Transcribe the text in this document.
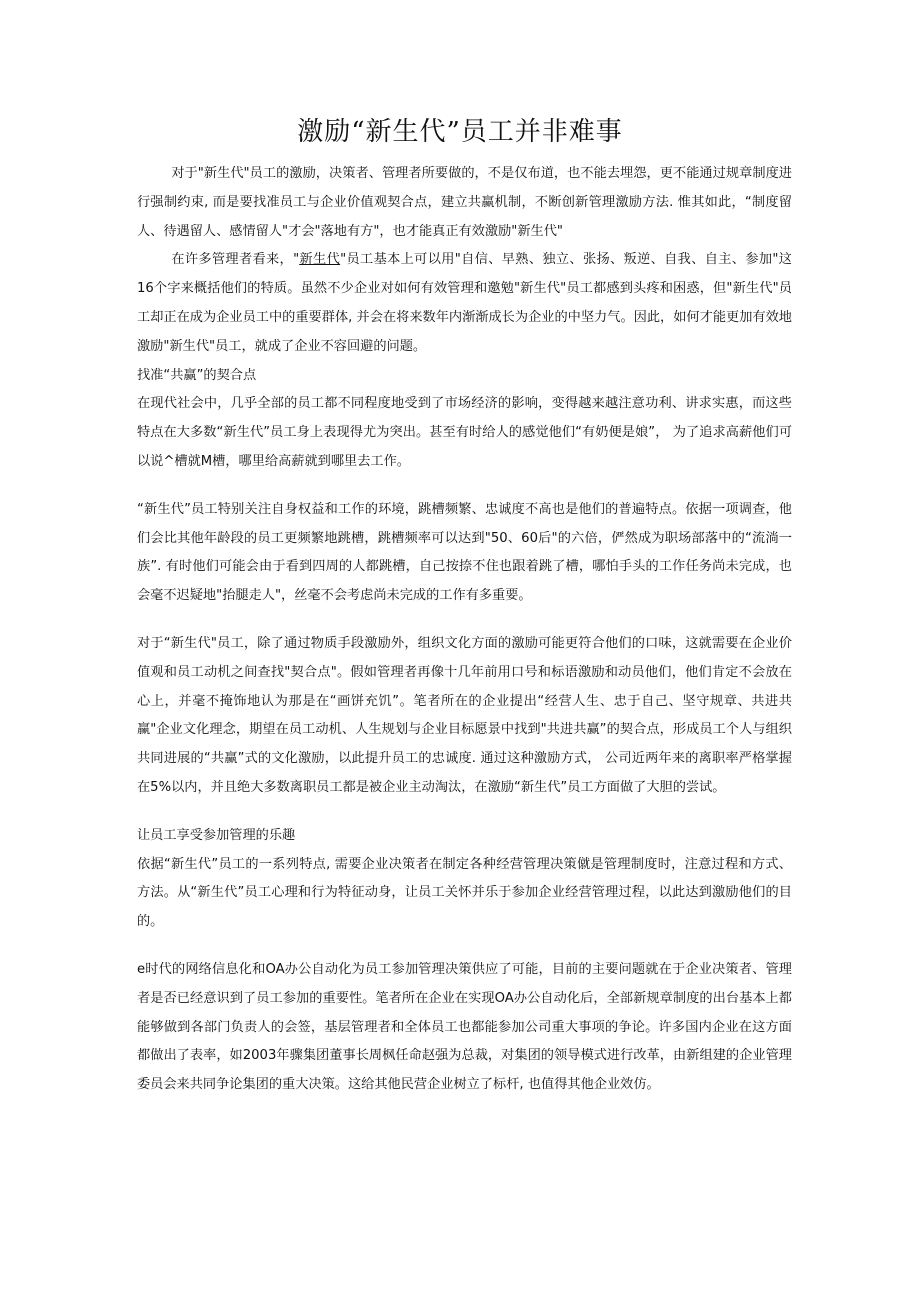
激励“新生代”员工并非难事

对于"新生代"员工的激励，决策者、管理者所要做的，不是仅布道，也不能去埋怨，更不能通过规章制度进行强制约束, 而是要找准员工与企业价值观契合点，建立共赢机制，不断创新管理激励方法. 惟其如此，“制度留人、待遇留人、感情留人"才会"落地有方"，也才能真正有效激励"新生代"

在许多管理者看来，"新生代"员工基本上可以用"自信、早熟、独立、张扬、叛逆、自我、自主、参加"这16个字来概括他们的特质。虽然不少企业对如何有效管理和邀勉"新生代"员工都感到头疼和困惑，但"新生代"员工却正在成为企业员工中的重要群体, 并会在将来数年内渐渐成长为企业的中坚力气。因此，如何才能更加有效地激励"新生代"员工，就成了企业不容回避的问题。

找准“共赢”的契合点

在现代社会中，几乎全部的员工都不同程度地受到了市场经济的影响，变得越来越注意功利、讲求实惠，而这些特点在大多数“新生代”员工身上表现得尤为突出。甚至有时给人的感觉他们“有奶便是娘”， 为了追求高薪他们可以说^槽就M槽，哪里给高薪就到哪里去工作。

“新生代”员工特别关注自身权益和工作的环境，跳槽频繁、忠诚度不高也是他们的普遍特点。依据一项调查，他们会比其他年龄段的员工更频繁地跳槽，跳槽频率可以达到"50、60后"的六倍，俨然成为职场部落中的“流淌一族”. 有时他们可能会由于看到四周的人都跳槽，自己按捺不住也跟着跳了槽，哪怕手头的工作任务尚未完成，也会毫不迟疑地"抬腿走人"，丝毫不会考虑尚未完成的工作有多重要。

对于“新生代"员工，除了通过物质手段激励外，组织文化方面的激励可能更符合他们的口味，这就需要在企业价值观和员工动机之间查找"契合点"。假如管理者再像十几年前用口号和标语激励和动员他们，他们肯定不会放在心上，并毫不掩饰地认为那是在“画饼充饥”。笔者所在的企业提出“经营人生、忠于自己、坚守规章、共进共赢"企业文化理念，期望在员工动机、人生规划与企业目标愿景中找到"共进共赢”的契合点，形成员工个人与组织共同进展的“共赢”式的文化激励，以此提升员工的忠诚度. 通过这种激励方式， 公司近两年来的离职率严格掌握在5%以内，并且绝大多数离职员工都是被企业主动淘汰，在激励“新生代”员工方面做了大胆的尝试。

让员工享受参加管理的乐趣

依据“新生代”员工的一系列特点, 需要企业决策者在制定各种经营管理决策僦是管理制度时，注意过程和方式、方法。从“新生代”员工心理和行为特征动身，让员工关怀并乐于参加企业经营管理过程，以此达到激励他们的目的。

e时代的网络信息化和OA办公自动化为员工参加管理决策供应了可能，目前的主要问题就在于企业决策者、管理者是否已经意识到了员工参加的重要性。笔者所在企业在实现OA办公自动化后，全部新规章制度的出台基本上都能够做到各部门负责人的会签，基层管理者和全体员工也都能参加公司重大事项的争论。许多国内企业在这方面都做出了表率，如2003年骤集团董事长周枫任命赵强为总裁，对集团的领导模式进行改革，由新组建的企业管理委员会来共同争论集团的重大决策。这给其他民营企业树立了标杆, 也值得其他企业效仿。
